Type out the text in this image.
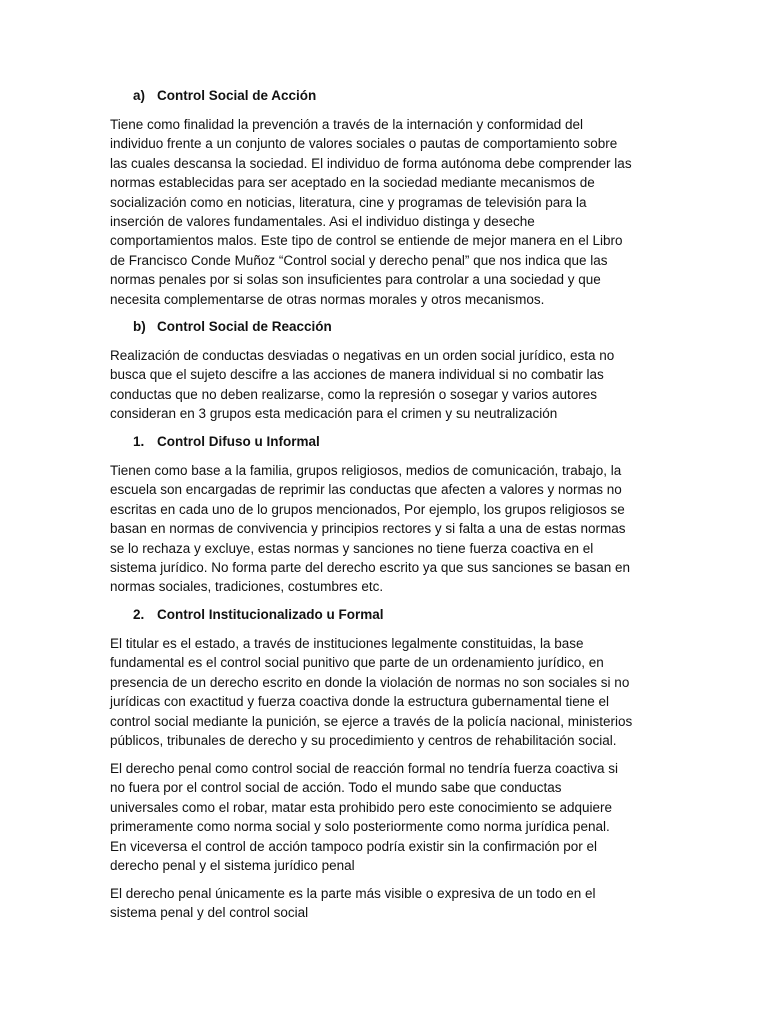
a) Control Social de Acción
Tiene como finalidad la prevención a través de la internación y conformidad del
individuo frente a un conjunto de valores sociales o pautas de comportamiento sobre
las cuales descansa la sociedad. El individuo de forma autónoma debe comprender las
normas establecidas para ser aceptado en la sociedad mediante mecanismos de
socialización como en noticias, literatura, cine y programas de televisión para la
inserción de valores fundamentales. Asi el individuo distinga y deseche
comportamientos malos. Este tipo de control se entiende de mejor manera en el Libro
de Francisco Conde Muñoz “Control social y derecho penal” que nos indica que las
normas penales por si solas son insuficientes para controlar a una sociedad y que
necesita complementarse de otras normas morales y otros mecanismos.
b) Control Social de Reacción
Realización de conductas desviadas o negativas en un orden social jurídico, esta no
busca que el sujeto descifre a las acciones de manera individual si no combatir las
conductas que no deben realizarse, como la represión o sosegar y varios autores
consideran en 3 grupos esta medicación para el crimen y su neutralización
1. Control Difuso u Informal
Tienen como base a la familia, grupos religiosos, medios de comunicación, trabajo, la
escuela son encargadas de reprimir las conductas que afecten a valores y normas no
escritas en cada uno de lo grupos mencionados, Por ejemplo, los grupos religiosos se
basan en normas de convivencia y principios rectores y si falta a una de estas normas
se lo rechaza y excluye, estas normas y sanciones no tiene fuerza coactiva en el
sistema jurídico. No forma parte del derecho escrito ya que sus sanciones se basan en
normas sociales, tradiciones, costumbres etc.
2. Control Institucionalizado u Formal
El titular es el estado, a través de instituciones legalmente constituidas, la base
fundamental es el control social punitivo que parte de un ordenamiento jurídico, en
presencia de un derecho escrito en donde la violación de normas no son sociales si no
jurídicas con exactitud y fuerza coactiva donde la estructura gubernamental tiene el
control social mediante la punición, se ejerce a través de la policía nacional, ministerios
públicos, tribunales de derecho y su procedimiento y centros de rehabilitación social.
El derecho penal como control social de reacción formal no tendría fuerza coactiva si
no fuera por el control social de acción. Todo el mundo sabe que conductas
universales como el robar, matar esta prohibido pero este conocimiento se adquiere
primeramente como norma social y solo posteriormente como norma jurídica penal.
En viceversa el control de acción tampoco podría existir sin la confirmación por el
derecho penal y el sistema jurídico penal
El derecho penal únicamente es la parte más visible o expresiva de un todo en el
sistema penal y del control social
